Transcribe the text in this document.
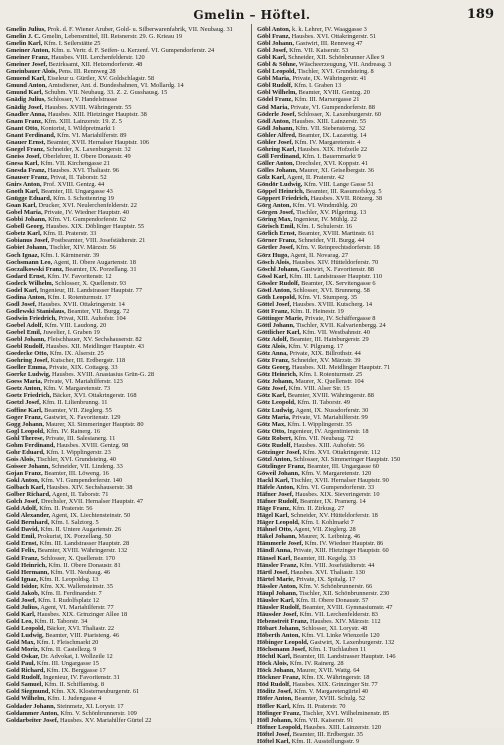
Gmelin – Höftel.	189

Gmelin Julius, Prok. d. F. Wiener Aruber, Gold- u. Silberwarenfabrik, VII. Neubaug. 31

Gmelin J. C. Gmelin, Lebensmittel, III. Reisnerstr. 29. G. Krieau 19

Gmelin Karl, Kfm. I. Seilerstätte 25

Gmeiner Anton, Kfm. u. Vertr. d. F. Seifen- u. Kerzenf. VI. Gumpendorferstr. 24

Gmeiner Franz, Hausbes. VIII. Lerchenfelderstr. 120

Gmeiner Josef, Bezirksamt, XII. Hetzendorferstr. 48

Gmeinbauer Alois, Pens. III. Rennweg 28

Gmuend Karl, Eiseleur u. Gürtler, XV. Goldschlagstr. 58

Gmund Anton, Amtsdiener, Ant. d. Bundesbahnen, VI. Mollardg. 14

Gmund Karl, Schuhm. VII. Neubaug. 33. Z. 2. Gusshausg. 15

Gnädig Julius, Schlosser, V. Handelstrasse

Gnädig Josef, Hausbes. XVIII. Währingerstr. 55

Gnadler Anna, Hausbes. XIII. Hietzinger Hauptstr. 38

Gnam Franz, Kfm. XIII. Lainzerstr. 19. Z. 5

Gnant Otto, Kontorist, I. Wildpretmarkt 1

Gnant Ferdinand, Kfm. VI. Mariahilferstr. 89

Gnauer Ernst, Beamter, XVII. Hernalser Hauptstr. 106

Gnegel Franz, Schneider, X. Laxenburgerstr. 32

Gneiss Josef, Oberlehrer, II. Obere Donaustr. 49

Gnesa Karl, Kfm. VII. Kirchengasse 21

Gnesda Franz, Hausbes. XVI. Thaliastr. 96

Gnauser Franz, Privat, II. Taborstr. 52

Gnirs Anton, Prof. XVIII. Gentzg. 44

Gnoth Karl, Beamter, III. Ungargasse 43

Gnügge Eduard, Kfm. I. Schottenring 19

Goan Karl, Drucker, XVI. Neulerchenfelderstr. 22

Gobel Maria, Private, IV. Wiedner Hauptstr. 40

Gobbi Johann, Kfm. VI. Gumpendorferstr. 62

Gobell Georg, Hausbes. XIX. Döblinger Hauptstr. 55

Gobetz Karl, Kfm. II. Praterstr. 33

Gobianus Josef, Postbeamter, VIII. Josefstädterstr. 21

Gobiet Johann, Tischler, XIV. Märzstr. 56

Goch Ignaz, Kfm. I. Kärntnerstr. 39

Gochsmann Leo, Agent, II. Obere Augartenstr. 18

Goczalkowski Franz, Beamter, IX. Porzellang. 31

Godard Ernst, Kfm. IV. Favoritenstr. 12

Godeck Wilhelm, Schlosser, X. Quellenstr. 93

Godel Karl, Ingenieur, III. Landstrasser Hauptstr. 77

Godina Anton, Kfm. I. Rotenturmstr. 17

Godl Josef, Hausbes. XVII. Ottakringerstr. 14

Godlewski Stanislaus, Beamter, VII. Burgg. 72

Godwin Friedrich, Privat, XIII. Auhofstr. 104

Goebel Adolf, Kfm. VIII. Laudong. 20

Goebel Emil, Juwelier, I. Graben 19

Goebl Johann, Fleischhauer, XV. Sechshauserstr. 82

Goebl Rudolf, Hausbes. XII. Meidlinger Hauptstr. 43

Goedecke Otto, Kfm. IX. Alserstr. 25

Goehring Josef, Kutscher, III. Erdbergstr. 118

Goeller Emma, Private, XIX. Cottageg. 33

Goerke Ludwig, Hausbes. XVIII. Anastasius Grün-G. 28

Goess Maria, Private, VI. Mariahilferstr. 123

Goetz Anton, Kfm. V. Margaretenstr. 73

Goetz Friedrich, Bäcker, XVI. Ottakringerstr. 168

Goetzl Josef, Kfm. II. Lilienbrunng. 11

Goffine Karl, Beamter, VII. Zieglerg. 55

Goger Franz, Gastwirt, X. Favoritenstr. 129

Gogg Johann, Maurer, XI. Simmeringer Hauptstr. 80

Gogl Leopold, Kfm. IV. Rainerg. 16

Gohl Therese, Private, III. Salesianerg. 11

Gohm Ferdinand, Hausbes. XVIII. Gentzg. 98

Gohr Eduard, Kfm. I. Wipplingerstr. 23

Gois Alois, Tischler, XVI. Grundsteing. 40

Goisser Johann, Schneider, VII. Lindeng. 33

Gojan Franz, Beamter, III. Löweng. 16

Gokl Anton, Kfm. VI. Gumpendorferstr. 140

Golbach Karl, Hausbes. XIV. Sechshauserstr. 38

Golber Richard, Agent, II. Taborstr. 71

Golch Josef, Drechsler, XVII. Hernalser Hauptstr. 47

Gold Adolf, Kfm. II. Praterstr. 56

Gold Alexander, Agent, IX. Liechtensteinstr. 50

Gold Bernhard, Kfm. I. Salztorg. 5

Gold David, Kfm. II. Untere Augartenstr. 26

Gold Emil, Prokurist, IX. Porzellang. 50

Gold Ernst, Kfm. III. Landstrasser Hauptstr. 28

Gold Felix, Beamter, XVIII. Währingerstr. 132

Gold Franz, Schlosser, X. Quellenstr. 170

Gold Heinrich, Kfm. II. Obere Donaustr. 81

Gold Hermann, Kfm. VII. Neubaug. 46

Gold Ignaz, Kfm. II. Leopoldsg. 13

Gold Isidor, Kfm. XX. Wallensteinstr. 35

Gold Jakob, Kfm. II. Ferdinandstr. 7

Gold Josef, Kfm. I. Rudolfsplatz 12

Gold Julius, Agent, VI. Mariahilferstr. 77

Gold Karl, Hausbes. XIX. Grinzinger Allee 18

Gold Leo, Kfm. II. Taborstr. 34

Gold Leopold, Bäcker, XVI. Thaliastr. 22

Gold Ludwig, Beamter, VIII. Piaristeng. 46

Gold Max, Kfm. I. Fleischmarkt 20

Gold Moriz, Kfm. II. Castellezg. 9

Gold Oskar, Dr. Advokat, I. Wollzeile 12

Gold Paul, Kfm. III. Ungargasse 15

Gold Richard, Kfm. IX. Berggasse 17

Gold Rudolf, Ingenieur, IV. Favoritenstr. 31

Gold Samuel, Kfm. II. Schiffamtsg. 8

Gold Siegmund, Kfm. XX. Klosterneuburgerstr. 61

Gold Wilhelm, Kfm. I. Judengasse 4

Goldader Johann, Steinmetz, XI. Lorystr. 17

Goldammer Anton, Kfm. V. Schönbrunnerstr. 109

Goldarbeiter Josef, Hausbes. XV. Mariahilfer Gürtel 22

Göbl Anton, k. k. Lehrer, IV. Waaggasse 3

Göbl Franz, Hausbes. XVI. Ottakringerstr. 51

Göbl Johann, Gastwirt, III. Rennweg 47

Göbl Josef, Kfm. VII. Kaiserstr. 53

Göbl Karl, Schneider, XII. Schönbrunner Allee 9

Göbl & Söhne, Wäscheerzeugung, VII. Andreasg. 3

Göbl Leopold, Tischler, XVI. Grundsteing. 8

Göbl Maria, Private, IX. Währingerstr. 41

Göbl Rudolf, Kfm. I. Graben 13

Göbl Wilhelm, Beamter, XVIII. Gentzg. 20

Gödel Franz, Kfm. III. Marxergasse 21

Göd Maria, Private, VI. Gumpendorferstr. 88

Göderle Josef, Schlosser, X. Laxenburgerstr. 60

Gödl Anton, Hausbes. XIII. Lainzerstr. 55

Gödl Johann, Kfm. VII. Siebensterng. 32

Göhler Alfred, Beamter, IX. Lazarettg. 14

Göhler Josef, Kfm. IV. Margaretenstr. 4

Göhring Karl, Hausbes. XIX. Hofzeile 22

Göll Ferdinand, Kfm. I. Bauernmarkt 9

Göller Anton, Drechsler, XVI. Koppstr. 41

Gölles Johann, Maurer, XI. Geiselbergstr. 36

Gölz Karl, Agent, II. Praterstr. 42

Göndör Ludwig, Kfm. VIII. Lange Gasse 51

Göppel Heinrich, Beamter, III. Rasumofskyg. 5

Göppert Friedrich, Hausbes. XVII. Rötzerg. 38

Görg Anton, Kfm. VI. Windmühlg. 20

Görgen Josef, Tischler, XV. Pilgerimg. 13

Göring Max, Ingenieur, IV. Mühlg. 22

Görisch Emil, Kfm. I. Schulerstr. 16

Görlich Ernst, Beamter, XVIII. Martinstr. 61

Görner Franz, Schneider, VII. Burgg. 44

Görtler Josef, Kfm. V. Reinprechtsdorferstr. 18

Görz Hugo, Agent, II. Novarag. 27

Gösch Alois, Hausbes. XIV. Hütteldorferstr. 70

Göschl Johann, Gastwirt, X. Favoritenstr. 88

Gössl Karl, Kfm. III. Landstrasser Hauptstr. 110

Gössler Rudolf, Beamter, IX. Servitengasse 6

Göstl Anton, Schlosser, XVI. Brunneng. 58

Göth Leopold, Kfm. VI. Stumperg. 35

Göttel Josef, Hausbes. XVIII. Kutscherg. 14

Gött Franz, Kfm. II. Heinestr. 19

Göttinger Marie, Private, IV. Schäffergasse 8

Göttl Johann, Tischler, XVII. Kalvarienbergg. 24

Göttlicher Karl, Kfm. VII. Westbahnstr. 40

Götz Adolf, Beamter, III. Hainburgerstr. 29

Götz Alois, Kfm. V. Pilgramg. 17

Götz Anna, Private, XIX. Billrothstr. 44

Götz Franz, Schneider, XV. Märzstr. 39

Götz Georg, Hausbes. XII. Meidlinger Hauptstr. 71

Götz Heinrich, Kfm. I. Rotenturmstr. 25

Götz Johann, Maurer, X. Quellenstr. 104

Götz Josef, Kfm. VIII. Alser Str. 15

Götz Karl, Beamter, XVIII. Währingerstr. 88

Götz Leopold, Kfm. II. Taborstr. 49

Götz Ludwig, Agent, IX. Nussdorferstr. 30

Götz Maria, Private, VI. Mariahilferstr. 99

Götz Max, Kfm. I. Wipplingerstr. 35

Götz Otto, Ingenieur, IV. Argentinierstr. 18

Götz Robert, Kfm. VII. Neubaug. 72

Götz Rudolf, Hausbes. XIII. Auhofstr. 56

Götzinger Josef, Kfm. XVI. Ottakringerstr. 112

Götzl Anton, Schlosser, XI. Simmeringer Hauptstr. 150

Götzlinger Franz, Beamter, III. Ungargasse 60

Göweil Johann, Kfm. V. Margaretenstr. 120

Hackl Karl, Tischler, XVII. Hernalser Hauptstr. 90

Häfele Anton, Kfm. VI. Gumpendorferstr. 33

Häfner Josef, Hausbes. XIX. Sieveringerstr. 10

Häfner Rudolf, Beamter, IX. Pramerg. 14

Häge Franz, Kfm. II. Zirkusg. 27

Hägel Karl, Schneider, XV. Hütteldorferstr. 18

Häger Leopold, Kfm. I. Kohlmarkt 7

Hähnel Otto, Agent, VII. Zieglerg. 28

Häkel Johann, Maurer, X. Leibnizg. 46

Hämmerle Josef, Kfm. IV. Wiedner Hauptstr. 86

Händl Anna, Private, XIII. Hietzinger Hauptstr. 60

Hänsel Karl, Beamter, III. Kegelg. 33

Hänsler Franz, Kfm. VIII. Josefstädterstr. 44

Härtl Josef, Hausbes. XVI. Thaliastr. 130

Härtel Marie, Private, IX. Spitalg. 17

Hässler Anton, Kfm. V. Schönbrunnerstr. 66

Häupl Johann, Tischler, XII. Schönbrunnerstr. 230

Häusler Karl, Kfm. II. Obere Donaustr. 57

Häusler Rudolf, Beamter, XVIII. Gymnasiumstr. 47

Häussler Josef, Kfm. VII. Lerchenfelderstr. 83

Hebenstreit Franz, Hausbes. XIV. Märzstr. 112

Höbart Johann, Schlosser, XI. Lorystr. 48

Höberth Anton, Kfm. VI. Linke Wienzeile 120

Höbinger Leopold, Gastwirt, X. Laxenburgerstr. 132

Höchsmann Josef, Kfm. I. Tuchlauben 11

Höchtl Karl, Beamter, III. Landstrasser Hauptstr. 146

Höck Alois, Kfm. IV. Rainerg. 28

Höck Johann, Maurer, XVII. Wattg. 64

Höckner Franz, Kfm. IX. Währingerstr. 18

Höd Rudolf, Hausbes. XIX. Grinzinger Str. 77

Höditz Josef, Kfm. V. Margaretengürtel 40

Höfer Anton, Beamter, XVIII. Schulg. 52

Höfler Karl, Kfm. II. Praterstr. 70

Höfinger Franz, Tischler, XVI. Wilhelminenstr. 85

Höfl Johann, Kfm. VII. Kaiserstr. 91

Höfner Leopold, Hausbes. XIII. Lainzerstr. 120

Höftel Josef, Beamter, III. Erdbergstr. 35

Höftel Karl, Kfm. II. Ausstellungsstr. 9
